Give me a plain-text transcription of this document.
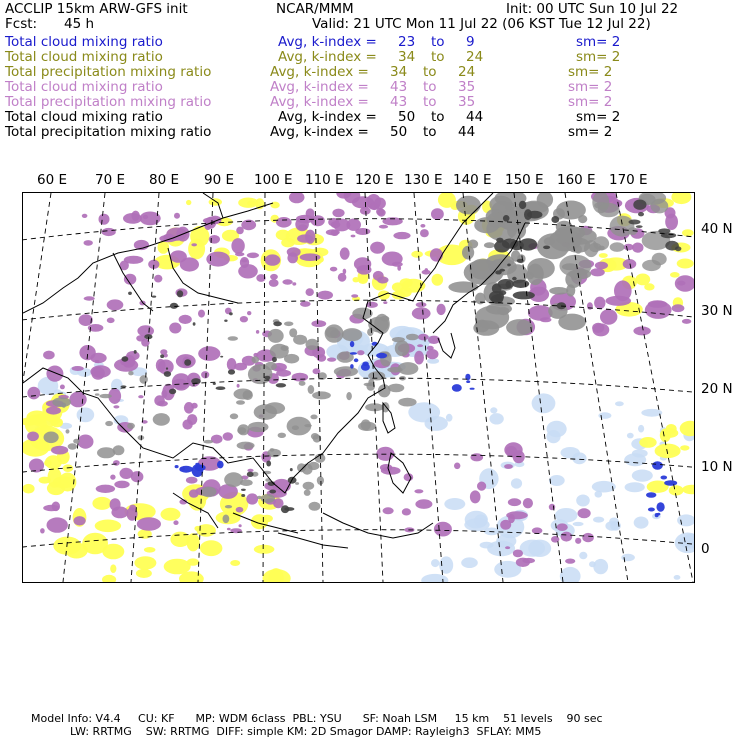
ACCLIP 15km ARW-GFS init	NCAR/MMM	Init: 00 UTC Sun 10 Jul 22
Fcst: 45 h	Valid: 21 UTC Mon 11 Jul 22 (06 KST Tue 12 Jul 22)
Total cloud mixing ratio	Avg, k-index = 23 to 9	sm= 2
Total cloud mixing ratio	Avg, k-index = 34 to 24	sm= 2
Total precipitation mixing ratio	Avg, k-index = 34 to 24	sm= 2
Total cloud mixing ratio	Avg, k-index = 43 to 35	sm= 2
Total precipitation mixing ratio	Avg, k-index = 43 to 35	sm= 2
Total cloud mixing ratio	Avg, k-index = 50 to 44	sm= 2
Total precipitation mixing ratio	Avg, k-index = 50 to 44	sm= 2
60 E 70 E 80 E 90 E 100 E 110 E 120 E 130 E 140 E 150 E 160 E 170 E
40 N
30 N
20 N
10 N
0
Model Info: V4.4     CU: KF      MP: WDM 6class  PBL: YSU      SF: Noah LSM     15 km    51 levels    90 sec
LW: RRTMG    SW: RRTMG  DIFF: simple KM: 2D Smagor DAMP: Rayleigh3  SFLAY: MM5
